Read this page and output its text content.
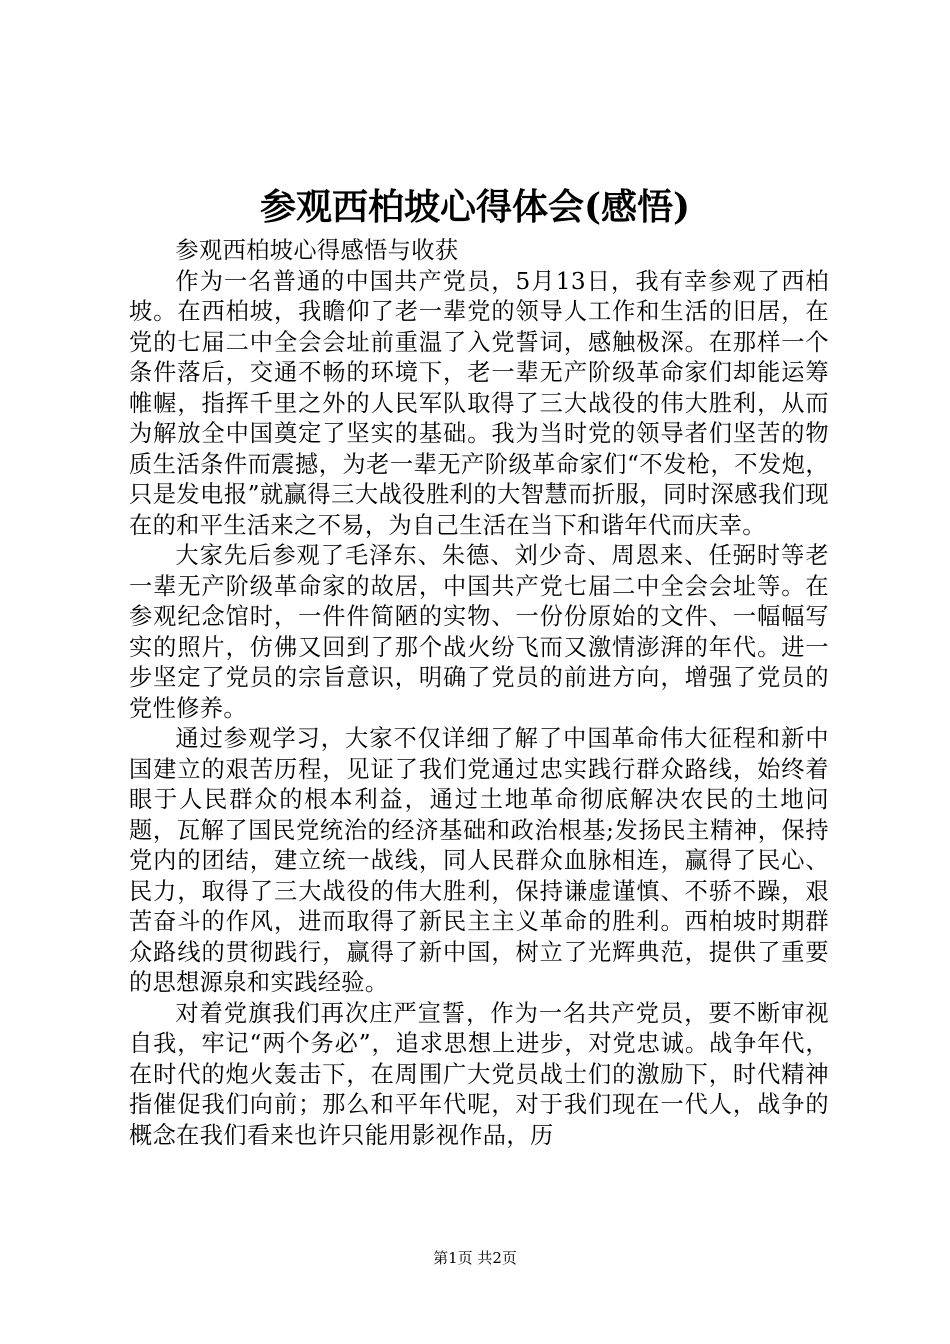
参观西柏坡心得体会(感悟)

参观西柏坡心得感悟与收获

作为一名普通的中国共产党员，5月13日，我有幸参观了西柏坡。在西柏坡，我瞻仰了老一辈党的领导人工作和生活的旧居，在党的七届二中全会会址前重温了入党誓词，感触极深。在那样一个条件落后，交通不畅的环境下，老一辈无产阶级革命家们却能运筹帷幄，指挥千里之外的人民军队取得了三大战役的伟大胜利，从而为解放全中国奠定了坚实的基础。我为当时党的领导者们坚苦的物质生活条件而震撼，为老一辈无产阶级革命家们“不发枪，不发炮，只是发电报”就赢得三大战役胜利的大智慧而折服，同时深感我们现在的和平生活来之不易，为自己生活在当下和谐年代而庆幸。

大家先后参观了毛泽东、朱德、刘少奇、周恩来、任弼时等老一辈无产阶级革命家的故居，中国共产党七届二中全会会址等。在参观纪念馆时，一件件简陋的实物、一份份原始的文件、一幅幅写实的照片，仿佛又回到了那个战火纷飞而又激情澎湃的年代。进一步坚定了党员的宗旨意识，明确了党员的前进方向，增强了党员的党性修养。

通过参观学习，大家不仅详细了解了中国革命伟大征程和新中国建立的艰苦历程，见证了我们党通过忠实践行群众路线，始终着眼于人民群众的根本利益，通过土地革命彻底解决农民的土地问题，瓦解了国民党统治的经济基础和政治根基;发扬民主精神，保持党内的团结，建立统一战线，同人民群众血脉相连，赢得了民心、民力，取得了三大战役的伟大胜利，保持谦虚谨慎、不骄不躁，艰苦奋斗的作风，进而取得了新民主主义革命的胜利。西柏坡时期群众路线的贯彻践行，赢得了新中国，树立了光辉典范，提供了重要的思想源泉和实践经验。

对着党旗我们再次庄严宣誓，作为一名共产党员，要不断审视自我，牢记“两个务必”，追求思想上进步，对党忠诚。战争年代，在时代的炮火轰击下，在周围广大党员战士们的激励下，时代精神指催促我们向前；那么和平年代呢，对于我们现在一代人，战争的概念在我们看来也许只能用影视作品，历

第1页 共2页
